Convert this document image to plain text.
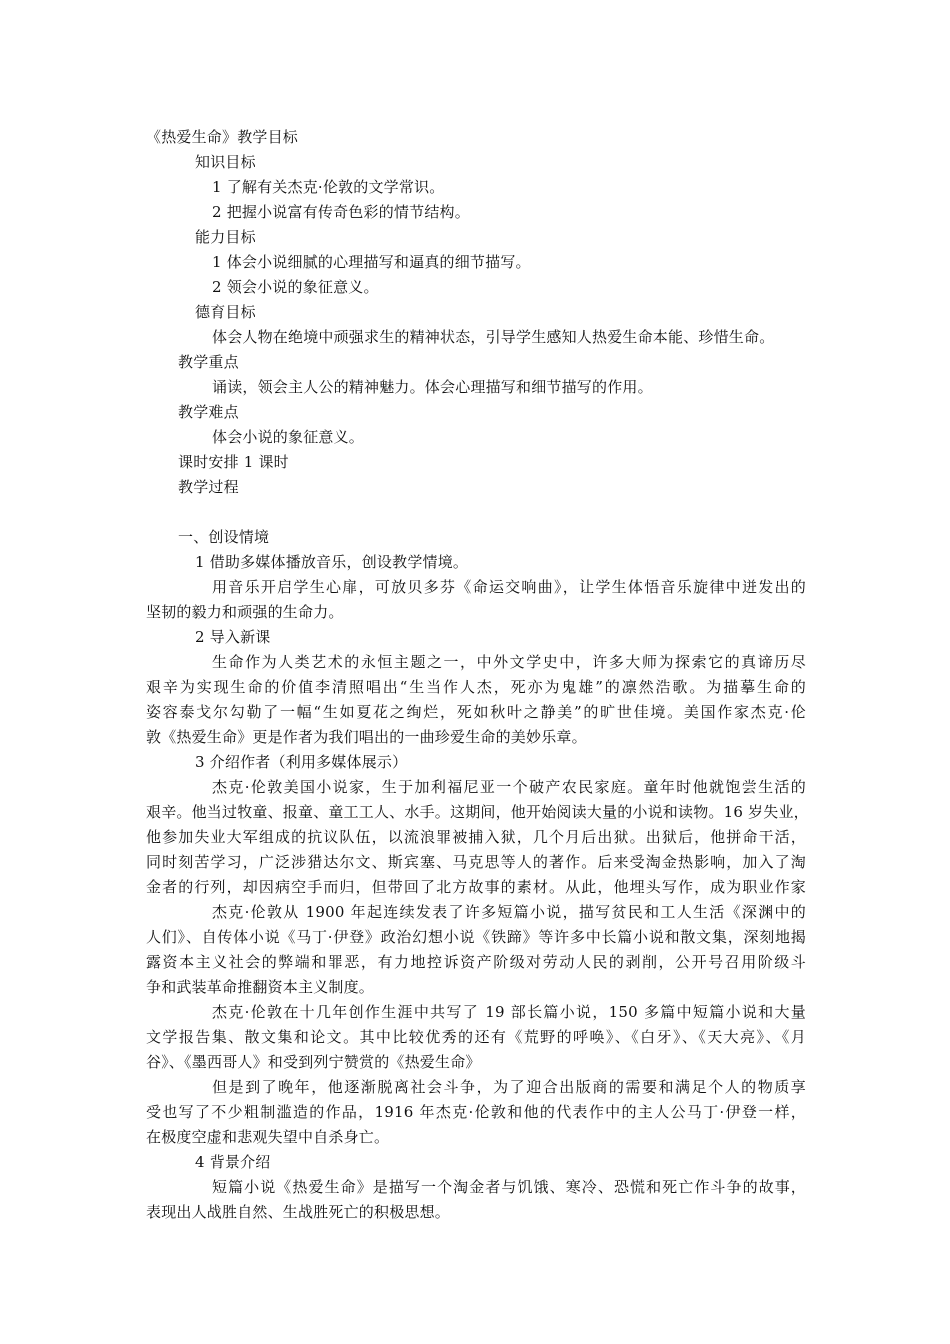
《热爱生命》教学目标
知识目标
1 了解有关杰克·伦敦的文学常识。
2 把握小说富有传奇色彩的情节结构。
能力目标
1 体会小说细腻的心理描写和逼真的细节描写。
2 领会小说的象征意义。
德育目标
体会人物在绝境中顽强求生的精神状态，引导学生感知人热爱生命本能、珍惜生命。
教学重点
诵读，领会主人公的精神魅力。体会心理描写和细节描写的作用。
教学难点
体会小说的象征意义。
课时安排 1 课时
教学过程
一、创设情境
1 借助多媒体播放音乐，创设教学情境。
用音乐开启学生心扉，可放贝多芬《命运交响曲》，让学生体悟音乐旋律中迸发出的
坚韧的毅力和顽强的生命力。
2 导入新课
生命作为人类艺术的永恒主题之一，中外文学史中，许多大师为探索它的真谛历尽
艰辛为实现生命的价值李清照唱出“生当作人杰，死亦为鬼雄”的凛然浩歌。为描摹生命的
姿容泰戈尔勾勒了一幅“生如夏花之绚烂，死如秋叶之静美”的旷世佳境。美国作家杰克·伦
敦《热爱生命》更是作者为我们唱出的一曲珍爱生命的美妙乐章。
3 介绍作者（利用多媒体展示）
杰克·伦敦美国小说家，生于加利福尼亚一个破产农民家庭。童年时他就饱尝生活的
艰辛。他当过牧童、报童、童工工人、水手。这期间，他开始阅读大量的小说和读物。16 岁失业，
他参加失业大军组成的抗议队伍，以流浪罪被捕入狱，几个月后出狱。出狱后，他拼命干活，
同时刻苦学习，广泛涉猎达尔文、斯宾塞、马克思等人的著作。后来受淘金热影响，加入了淘
金者的行列，却因病空手而归，但带回了北方故事的素材。从此，他埋头写作，成为职业作家
杰克·伦敦从 1900 年起连续发表了许多短篇小说，描写贫民和工人生活《深渊中的
人们》、自传体小说《马丁·伊登》政治幻想小说《铁蹄》等许多中长篇小说和散文集，深刻地揭
露资本主义社会的弊端和罪恶，有力地控诉资产阶级对劳动人民的剥削，公开号召用阶级斗
争和武装革命推翻资本主义制度。
杰克·伦敦在十几年创作生涯中共写了 19 部长篇小说，150 多篇中短篇小说和大量
文学报告集、散文集和论文。其中比较优秀的还有《荒野的呼唤》、《白牙》、《天大亮》、《月
谷》、《墨西哥人》和受到列宁赞赏的《热爱生命》
但是到了晚年，他逐渐脱离社会斗争，为了迎合出版商的需要和满足个人的物质享
受也写了不少粗制滥造的作品，1916 年杰克·伦敦和他的代表作中的主人公马丁·伊登一样，
在极度空虚和悲观失望中自杀身亡。
4 背景介绍
短篇小说《热爱生命》是描写一个淘金者与饥饿、寒冷、恐慌和死亡作斗争的故事，
表现出人战胜自然、生战胜死亡的积极思想。
